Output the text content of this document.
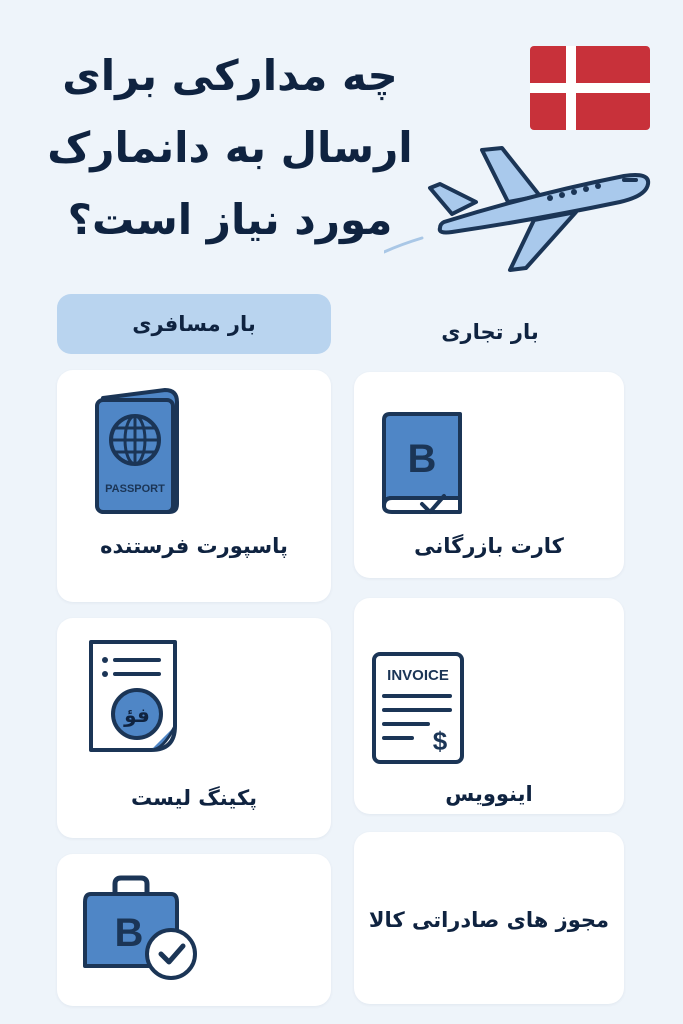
چه مدارکی برای
ارسال به دانمارک
مورد نیاز است؟
بار مسافری	بار تجاری
PASSPORT
پاسپورت فرستنده
B
کارت بازرگانی
فؤ
پکینگ لیست
INVOICE
$
اینوویس
B	مجوز های صادراتی کالا
